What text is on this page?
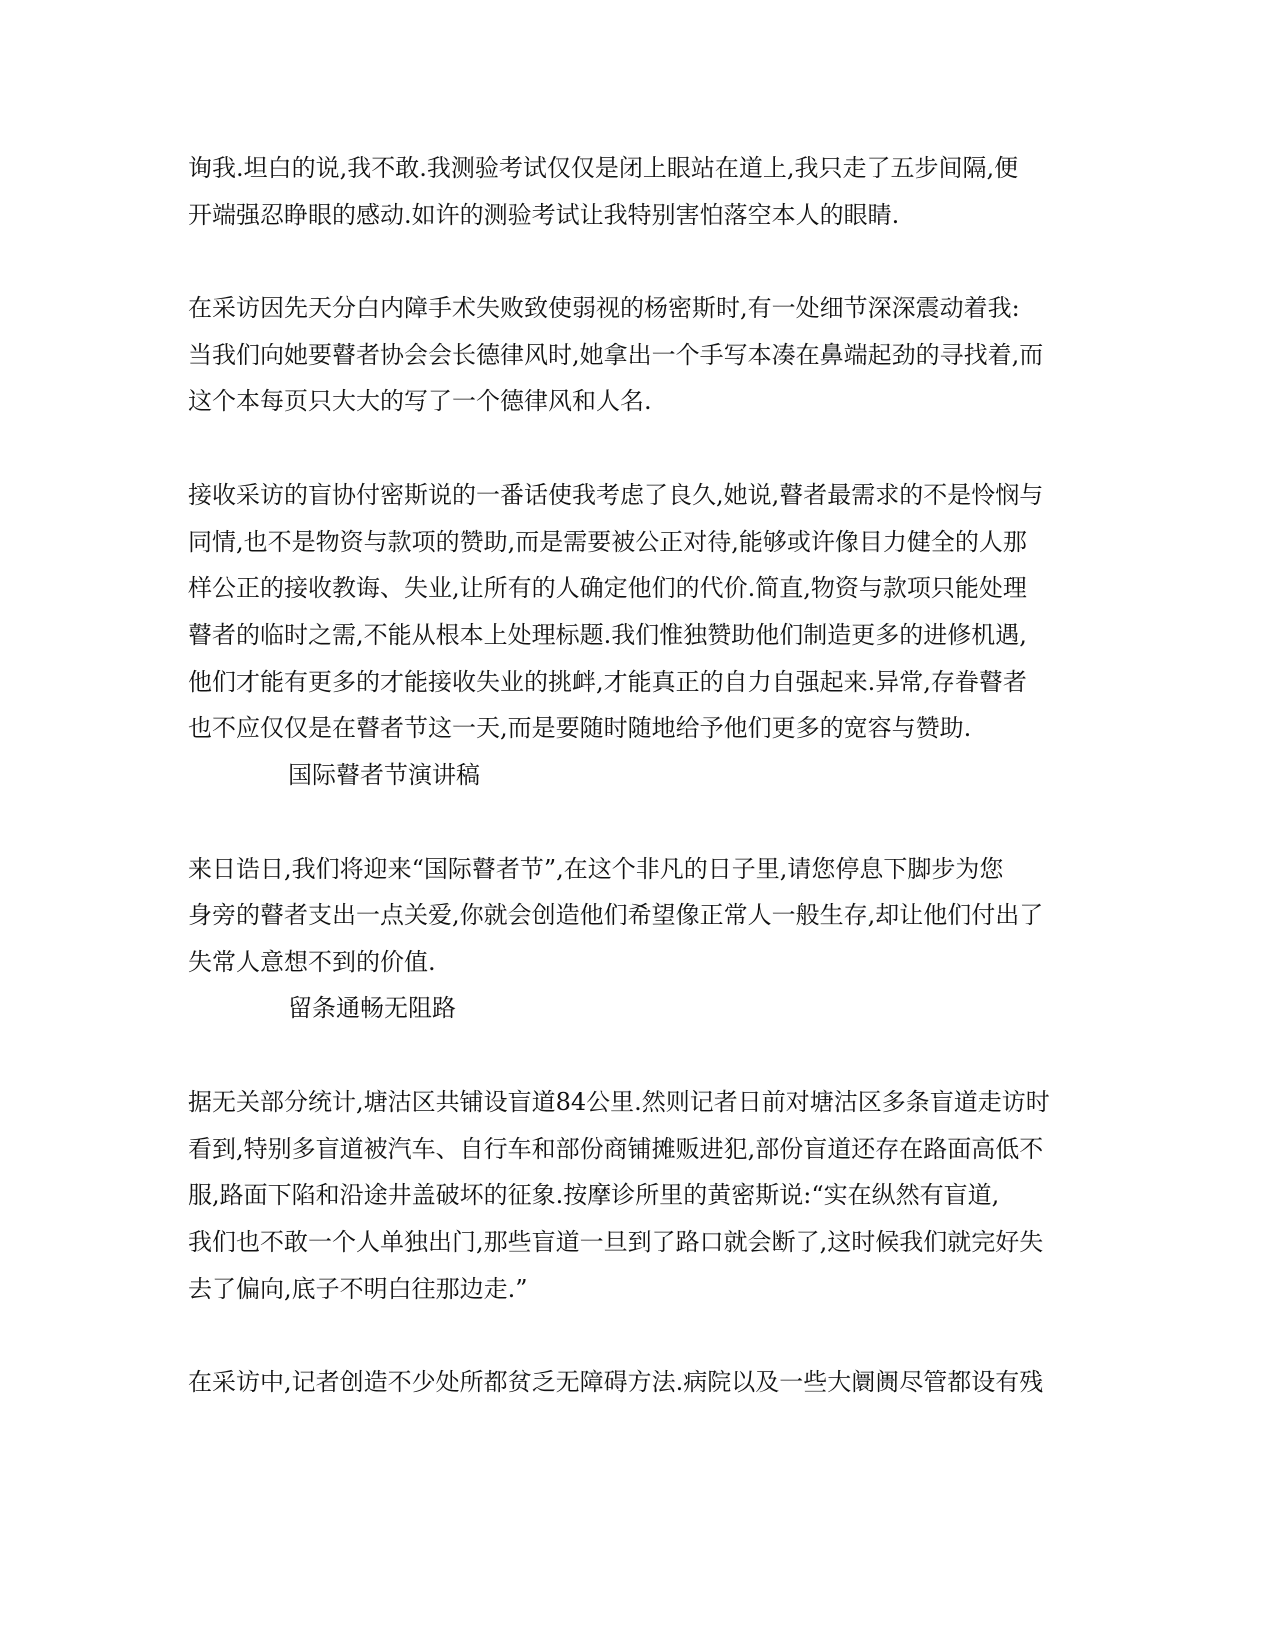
询我.坦白的说,我不敢.我测验考试仅仅是闭上眼站在道上,我只走了五步间隔,便
开端强忍睁眼的感动.如许的测验考试让我特别害怕落空本人的眼睛.
在采访因先天分白内障手术失败致使弱视的杨密斯时,有一处细节深深震动着我:
当我们向她要瞽者协会会长德律风时,她拿出一个手写本凑在鼻端起劲的寻找着,而
这个本每页只大大的写了一个德律风和人名.
接收采访的盲协付密斯说的一番话使我考虑了良久,她说,瞽者最需求的不是怜悯与
同情,也不是物资与款项的赞助,而是需要被公正对待,能够或许像目力健全的人那
样公正的接收教诲、失业,让所有的人确定他们的代价.简直,物资与款项只能处理
瞽者的临时之需,不能从根本上处理标题.我们惟独赞助他们制造更多的进修机遇,
他们才能有更多的才能接收失业的挑衅,才能真正的自力自强起来.异常,存眷瞽者
也不应仅仅是在瞽者节这一天,而是要随时随地给予他们更多的宽容与赞助.
国际瞽者节演讲稿
来日诰日,我们将迎来“国际瞽者节”,在这个非凡的日子里,请您停息下脚步为您
身旁的瞽者支出一点关爱,你就会创造他们希望像正常人一般生存,却让他们付出了
失常人意想不到的价值.
留条通畅无阻路
据无关部分统计,塘沽区共铺设盲道84公里.然则记者日前对塘沽区多条盲道走访时
看到,特别多盲道被汽车、自行车和部份商铺摊贩进犯,部份盲道还存在路面高低不
服,路面下陷和沿途井盖破坏的征象.按摩诊所里的黄密斯说:“实在纵然有盲道,
我们也不敢一个人单独出门,那些盲道一旦到了路口就会断了,这时候我们就完好失
去了偏向,底子不明白往那边走.”
在采访中,记者创造不少处所都贫乏无障碍方法.病院以及一些大阛阓尽管都设有残
